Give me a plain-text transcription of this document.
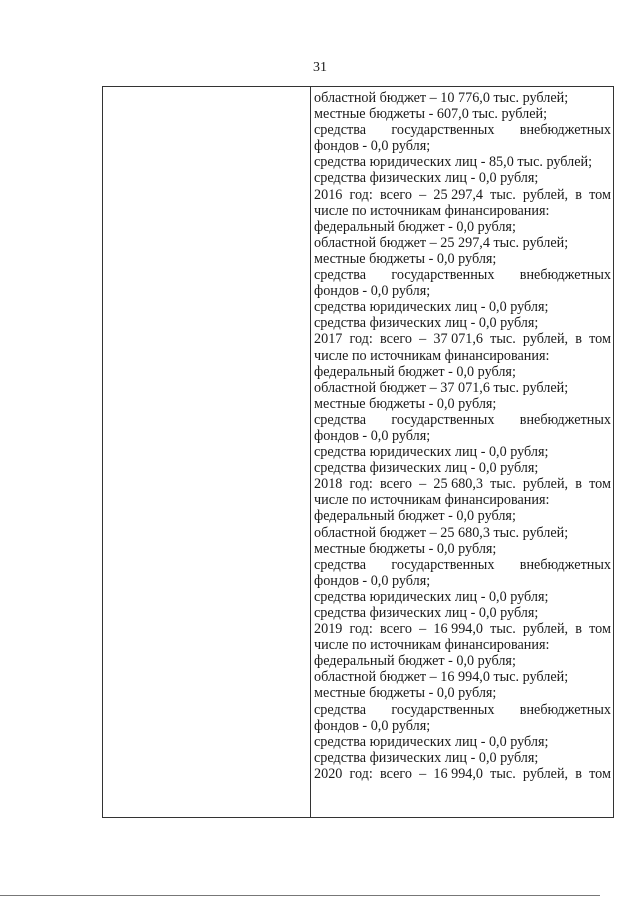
31
областной бюджет – 10 776,0 тыс. рублей;
местные бюджеты - 607,0 тыс. рублей;
средства государственных внебюджетных
фондов - 0,0 рубля;
средства юридических лиц - 85,0 тыс. рублей;
средства физических лиц - 0,0 рубля;
2016 год: всего – 25 297,4 тыс. рублей, в том
числе по источникам финансирования:
федеральный бюджет - 0,0 рубля;
областной бюджет – 25 297,4 тыс. рублей;
местные бюджеты - 0,0 рубля;
средства государственных внебюджетных
фондов - 0,0 рубля;
средства юридических лиц - 0,0 рубля;
средства физических лиц - 0,0 рубля;
2017 год: всего – 37 071,6 тыс. рублей, в том
числе по источникам финансирования:
федеральный бюджет - 0,0 рубля;
областной бюджет – 37 071,6 тыс. рублей;
местные бюджеты - 0,0 рубля;
средства государственных внебюджетных
фондов - 0,0 рубля;
средства юридических лиц - 0,0 рубля;
средства физических лиц - 0,0 рубля;
2018 год: всего – 25 680,3 тыс. рублей, в том
числе по источникам финансирования:
федеральный бюджет - 0,0 рубля;
областной бюджет – 25 680,3 тыс. рублей;
местные бюджеты - 0,0 рубля;
средства государственных внебюджетных
фондов - 0,0 рубля;
средства юридических лиц - 0,0 рубля;
средства физических лиц - 0,0 рубля;
2019 год: всего – 16 994,0 тыс. рублей, в том
числе по источникам финансирования:
федеральный бюджет - 0,0 рубля;
областной бюджет – 16 994,0 тыс. рублей;
местные бюджеты - 0,0 рубля;
средства государственных внебюджетных
фондов - 0,0 рубля;
средства юридических лиц - 0,0 рубля;
средства физических лиц - 0,0 рубля;
2020 год: всего – 16 994,0 тыс. рублей, в том
